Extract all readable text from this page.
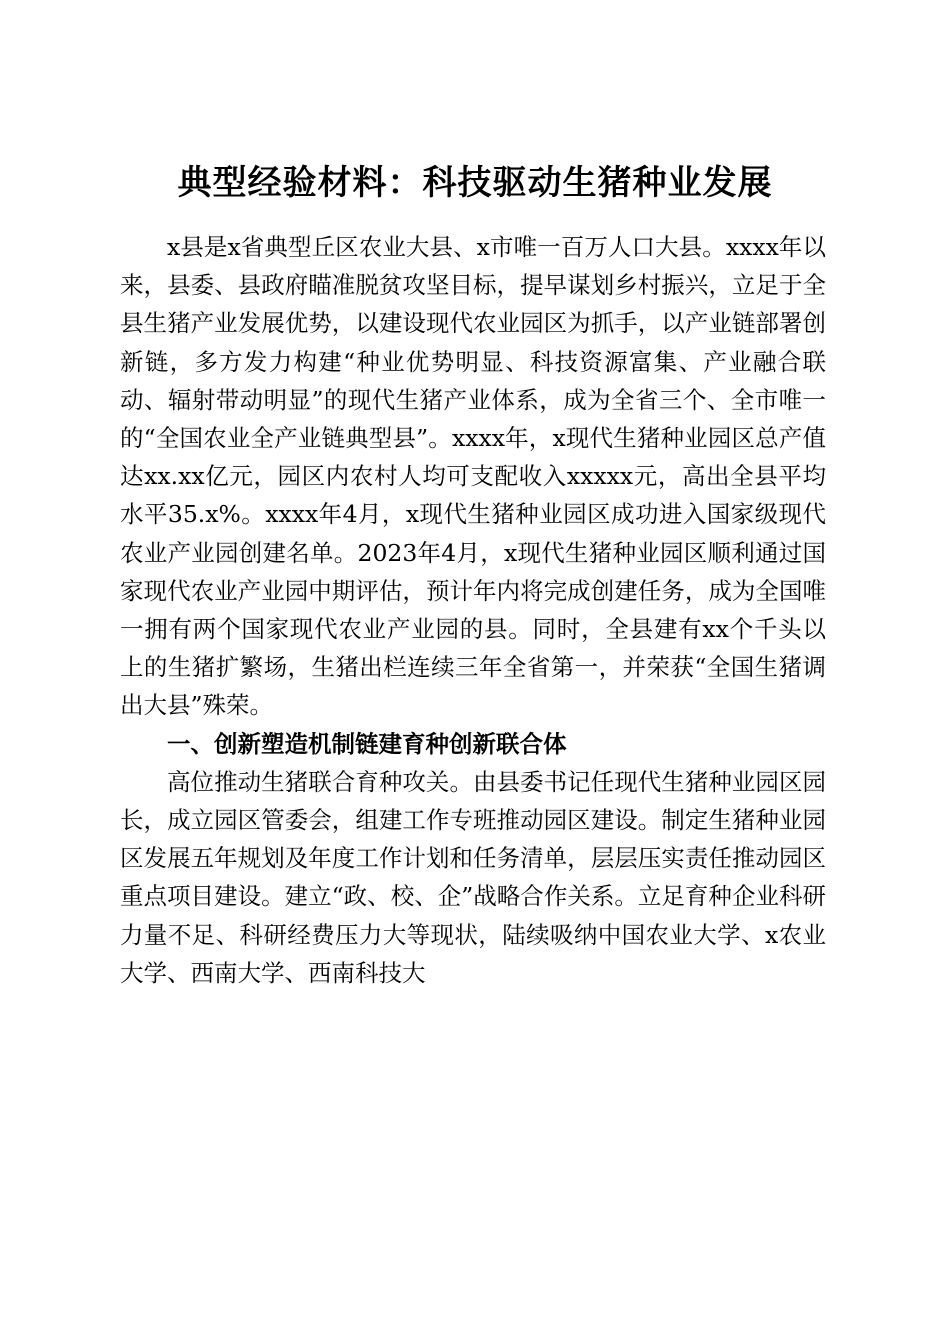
典型经验材料：科技驱动生猪种业发展

x县是x省典型丘区农业大县、x市唯一百万人口大县。xxxx年以来，县委、县政府瞄准脱贫攻坚目标，提早谋划乡村振兴，立足于全县生猪产业发展优势，以建设现代农业园区为抓手，以产业链部署创新链，多方发力构建“种业优势明显、科技资源富集、产业融合联动、辐射带动明显”的现代生猪产业体系，成为全省三个、全市唯一的“全国农业全产业链典型县”。xxxx年，x现代生猪种业园区总产值达xx.xx亿元，园区内农村人均可支配收入xxxxx元，高出全县平均水平35.x%。xxxx年4月，x现代生猪种业园区成功进入国家级现代农业产业园创建名单。2023年4月，x现代生猪种业园区顺利通过国家现代农业产业园中期评估，预计年内将完成创建任务，成为全国唯一拥有两个国家现代农业产业园的县。同时，全县建有xx个千头以上的生猪扩繁场，生猪出栏连续三年全省第一，并荣获“全国生猪调出大县”殊荣。

一、创新塑造机制链建育种创新联合体

高位推动生猪联合育种攻关。由县委书记任现代生猪种业园区园长，成立园区管委会，组建工作专班推动园区建设。制定生猪种业园区发展五年规划及年度工作计划和任务清单，层层压实责任推动园区重点项目建设。建立“政、校、企”战略合作关系。立足育种企业科研力量不足、科研经费压力大等现状，陆续吸纳中国农业大学、x农业大学、西南大学、西南科技大
